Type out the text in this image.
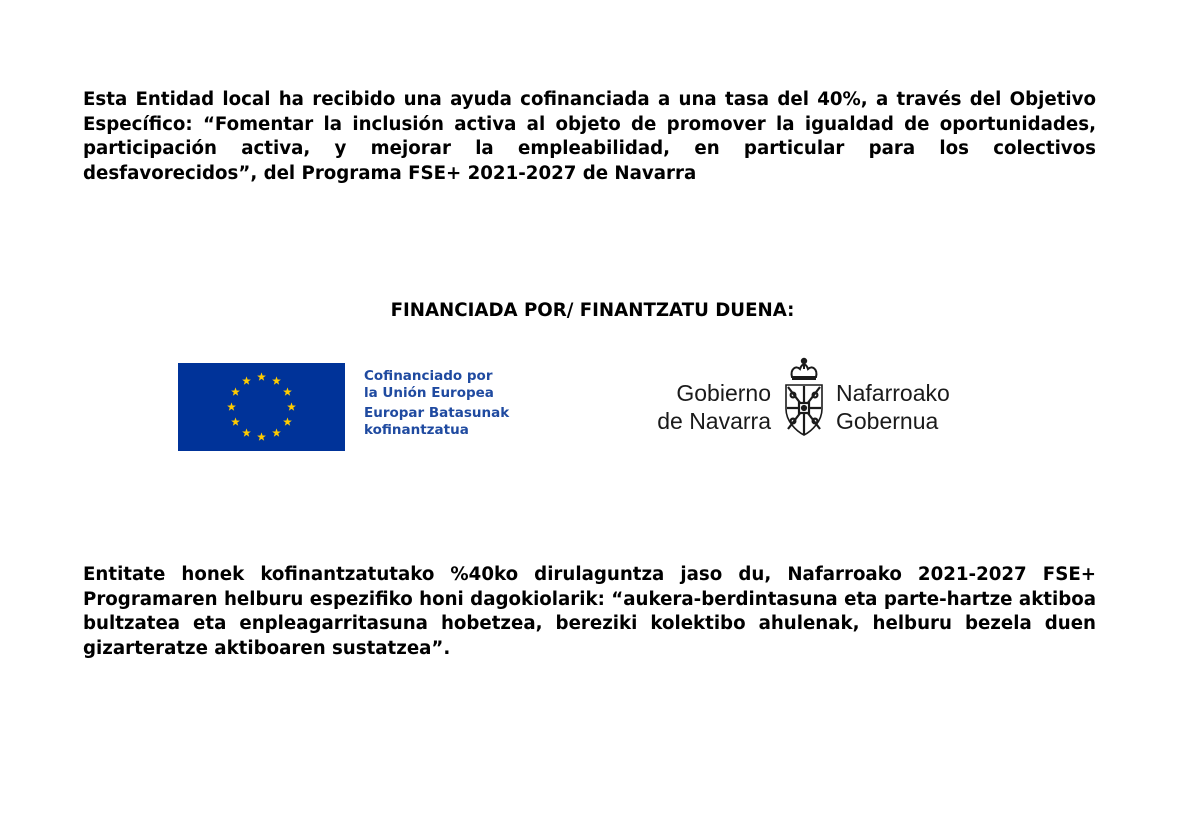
Esta Entidad local ha recibido una ayuda cofinanciada a una tasa del 40%, a través del Objetivo Específico: “Fomentar la inclusión activa al objeto de promover la igualdad de oportunidades, participación activa, y mejorar la empleabilidad, en particular para los colectivos desfavorecidos”, del Programa FSE+ 2021-2027 de Navarra

FINANCIADA POR/ FINANTZATU DUENA:

Cofinanciado por
la Unión Europea
Europar Batasunak
kofinantzatua
Gobierno
de Navarra
Nafarroako
Gobernua

Entitate honek kofinantzatutako %40ko dirulaguntza jaso du, Nafarroako 2021-2027 FSE+ Programaren helburu espezifiko honi dagokiolarik: “aukera-berdintasuna eta parte-hartze aktiboa bultzatea eta enpleagarritasuna hobetzea, bereziki kolektibo ahulenak, helburu bezela duen gizarteratze aktiboaren sustatzea”.
